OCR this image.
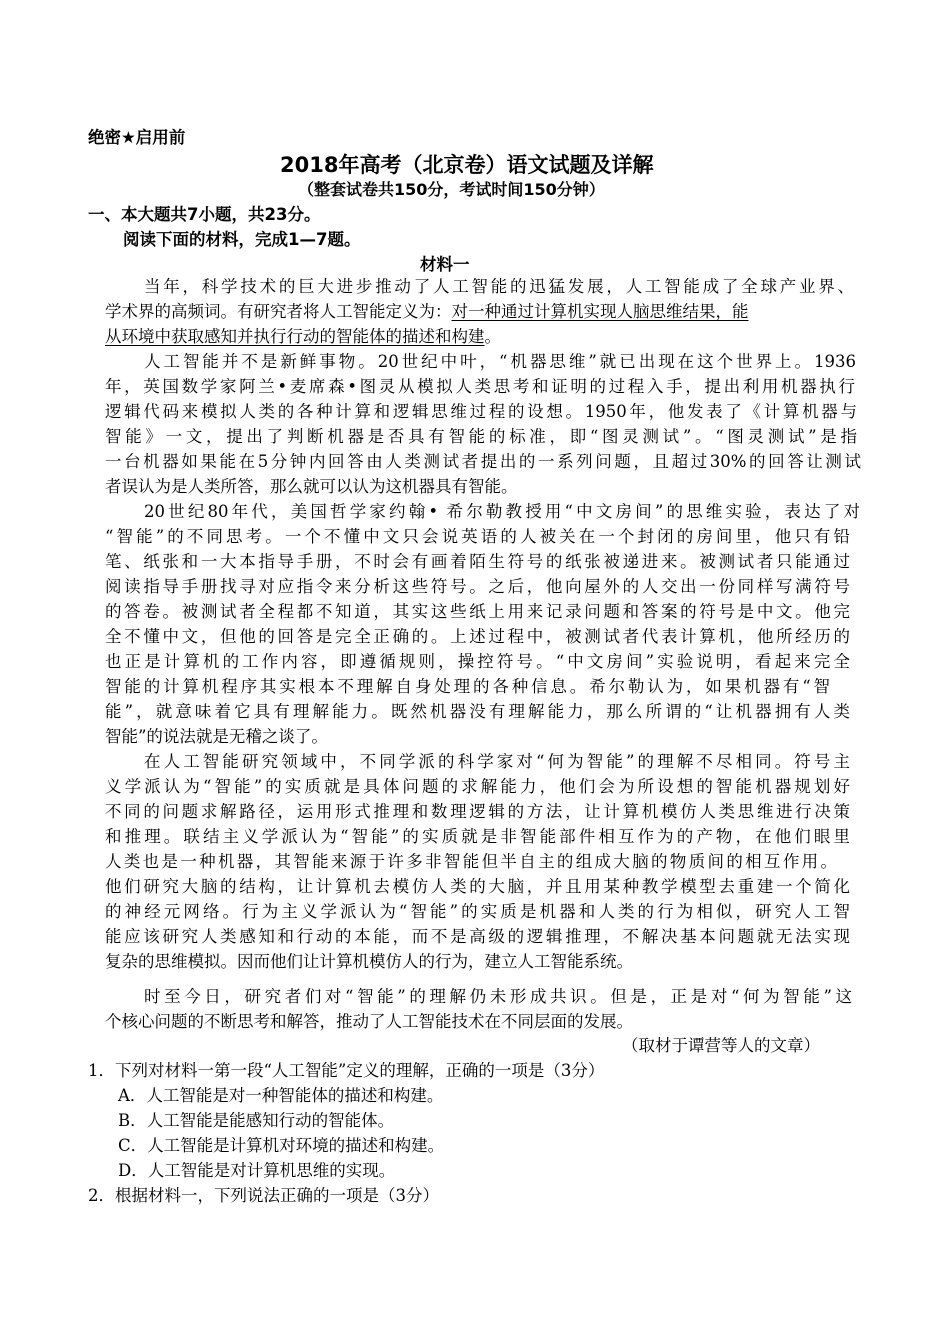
绝密★启用前
2018年高考（北京卷）语文试题及详解
（整套试卷共150分，考试时间150分钟）
一、本大题共7小题，共23分。
阅读下面的材料，完成1—7题。
材料一
当年，科学技术的巨大进步推动了人工智能的迅猛发展，人工智能成了全球产业界、
学术界的高频词。有研究者将人工智能定义为：对一种通过计算机实现人脑思维结果，能
从环境中获取感知并执行行动的智能体的描述和构建。
人工智能并不是新鲜事物。20世纪中叶，“机器思维”就已出现在这个世界上。1936
年，英国数学家阿兰•麦席森•图灵从模拟人类思考和证明的过程入手，提出利用机器执行
逻辑代码来模拟人类的各种计算和逻辑思维过程的设想。1950年，他发表了《计算机器与
智能》一文，提出了判断机器是否具有智能的标准，即“图灵测试”。“图灵测试”是指
一台机器如果能在5分钟内回答由人类测试者提出的一系列问题，且超过30%的回答让测试
者误认为是人类所答，那么就可以认为这机器具有智能。
20世纪80年代，美国哲学家约翰• 希尔勒教授用“中文房间”的思维实验，表达了对
“智能”的不同思考。一个不懂中文只会说英语的人被关在一个封闭的房间里，他只有铅
笔、纸张和一大本指导手册，不时会有画着陌生符号的纸张被递进来。被测试者只能通过
阅读指导手册找寻对应指令来分析这些符号。之后，他向屋外的人交出一份同样写满符号
的答卷。被测试者全程都不知道，其实这些纸上用来记录问题和答案的符号是中文。他完
全不懂中文，但他的回答是完全正确的。上述过程中，被测试者代表计算机，他所经历的
也正是计算机的工作内容，即遵循规则，操控符号。“中文房间”实验说明，看起来完全
智能的计算机程序其实根本不理解自身处理的各种信息。希尔勒认为，如果机器有“智
能”，就意味着它具有理解能力。既然机器没有理解能力，那么所谓的“让机器拥有人类
智能”的说法就是无稽之谈了。
在人工智能研究领域中，不同学派的科学家对“何为智能”的理解不尽相同。符号主
义学派认为“智能”的实质就是具体问题的求解能力，他们会为所设想的智能机器规划好
不同的问题求解路径，运用形式推理和数理逻辑的方法，让计算机模仿人类思维进行决策
和推理。联结主义学派认为“智能”的实质就是非智能部件相互作为的产物，在他们眼里
人类也是一种机器，其智能来源于许多非智能但半自主的组成大脑的物质间的相互作用。
他们研究大脑的结构，让计算机去模仿人类的大脑，并且用某种教学模型去重建一个简化
的神经元网络。行为主义学派认为“智能”的实质是机器和人类的行为相似，研究人工智
能应该研究人类感知和行动的本能，而不是高级的逻辑推理，不解决基本问题就无法实现
复杂的思维模拟。因而他们让计算机模仿人的行为，建立人工智能系统。
时至今日，研究者们对“智能”的理解仍未形成共识。但是，正是对“何为智能”这
个核心问题的不断思考和解答，推动了人工智能技术在不同层面的发展。
（取材于谭营等人的文章）
1．下列对材料一第一段“人工智能”定义的理解，正确的一项是（3分）
A．人工智能是对一种智能体的描述和构建。
B．人工智能是能感知行动的智能体。
C．人工智能是计算机对环境的描述和构建。
D．人工智能是对计算机思维的实现。
2．根据材料一，下列说法正确的一项是（3分）
